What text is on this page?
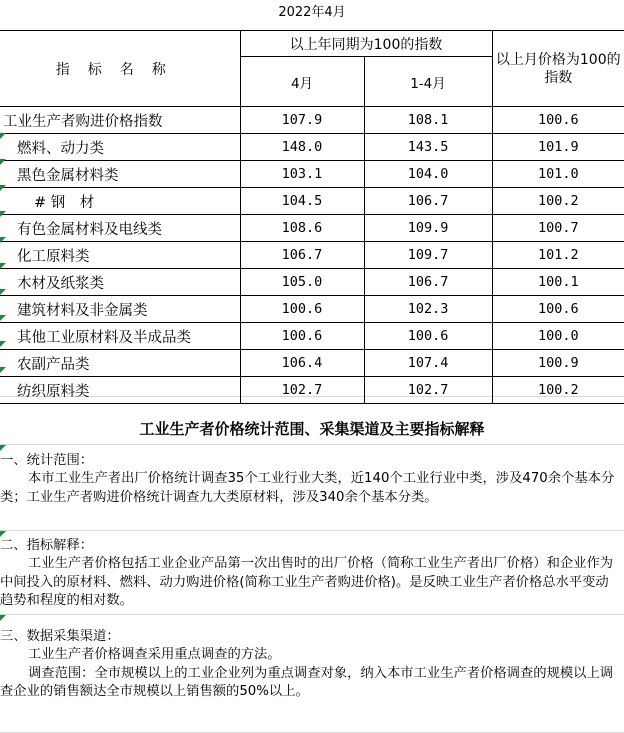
2022年4月
指标名称	以上年同期为100的指数		以上月价格为100的指数
	4月	1-4月	
工业生产者购进价格指数	107.9	108.1	100.6
燃料、动力类	148.0	143.5	101.9
黑色金属材料类	103.1	104.0	101.0
# 钢　材	104.5	106.7	100.2
有色金属材料及电线类	108.6	109.9	100.7
化工原料类	106.7	109.7	101.2
木材及纸浆类	105.0	106.7	100.1
建筑材料及非金属类	100.6	102.3	100.6
其他工业原材料及半成品类	100.6	100.6	100.0
农副产品类	106.4	107.4	100.9
纺织原料类	102.7	102.7	100.2
工业生产者价格统计范围、采集渠道及主要指标解释
一、统计范围：
本市工业生产者出厂价格统计调查35个工业行业大类，近140个工业行业中类，涉及470余个基本分类；工业生产者购进价格统计调查九大类原材料，涉及340余个基本分类。
二、指标解释：
工业生产者价格包括工业企业产品第一次出售时的出厂价格（简称工业生产者出厂价格）和企业作为中间投入的原材料、燃料、动力购进价格(简称工业生产者购进价格)。是反映工业生产者价格总水平变动趋势和程度的相对数。
三、数据采集渠道：
工业生产者价格调查采用重点调查的方法。
调查范围：全市规模以上的工业企业列为重点调查对象，纳入本市工业生产者价格调查的规模以上调查企业的销售额达全市规模以上销售额的50%以上。
